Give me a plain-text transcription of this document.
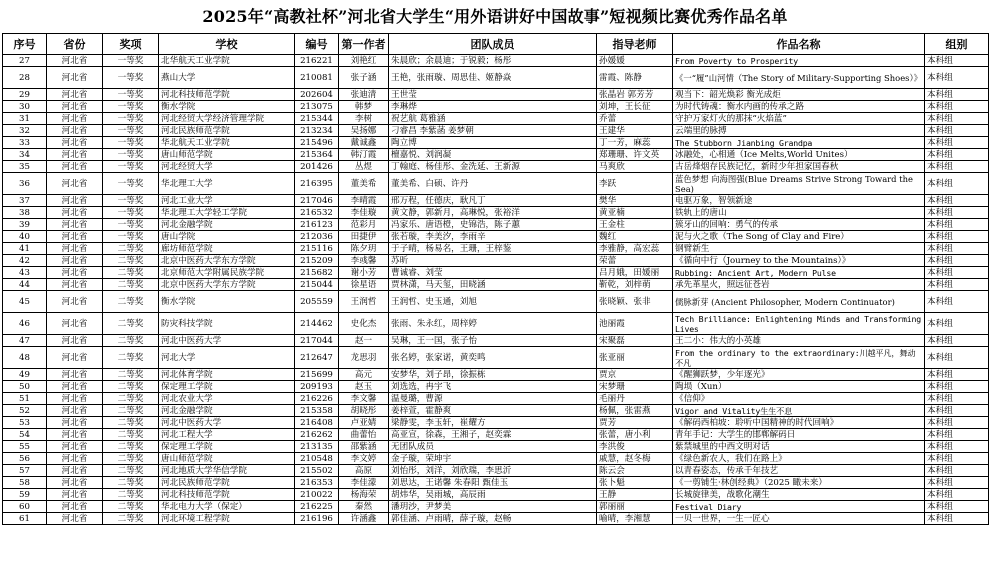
2025年“高教社杯”河北省大学生“用外语讲好中国故事”短视频比赛优秀作品名单
序号	省份	奖项	学校	编号	第一作者	团队成员	指导老师	作品名称	组别
27	河北省	一等奖	北华航天工业学院	216221	刘艳红	朱晨欣；余晨迪；于锐毅；杨彤	孙媛媛	From Poverty to Prosperity	本科组
28	河北省	一等奖	燕山大学	210081	张子涵	王艳，张雨璇、周思佳、姬静焱	雷霞、陈静	《一“履”山河情（The Story of Military-Supporting Shoes）》	本科组
29	河北省	一等奖	河北科技师范学院	202604	张迪清	王世莹	张晶岩 郭芳芳	观当下：韶光焕彩 衡光成炬	本科组
30	河北省	一等奖	衡水学院	213075	韩梦	李琳烨	刘坤，王长征	为时代铸魂：衡水内画的传承之路	本科组
31	河北省	一等奖	河北经贸大学经济管理学院	215344	李树	祝艺航 葛雅涵	乔蕾	守护万家灯火的那抹“火焰蓝”	本科组
32	河北省	一等奖	河北民族师范学院	213234	吴扬娜	刁睿昌 李紫菡 姜梦朝	王建华	云端里的脉搏	本科组
33	河北省	一等奖	华北航天工业学院	215496	戴诚鑫	陶立博	丁一芳，麻蕊	The Stubborn Jianbing Grandpa	本科组
34	河北省	一等奖	唐山师范学院	215364	韩汀霞	檀嘉悦、刘润凝	郑珊珊、许文英	冰融处，心相通（Ice Melts,World Unites）	本科组
35	河北省	一等奖	河北经贸大学	201426	丛煜	丁翰庭、杨佳彤、金洗延、王新源	马爽欣	古岳烽烟存民族记忆，新时少年担家国春秋	本科组
36	河北省	一等奖	华北理工大学	216395	董美希	董美希、白硕、许丹	李跃	蓝色梦想 向海图强(Blue Dreams Strive Strong Toward the Sea)	本科组
37	河北省	一等奖	河北工业大学	217046	李晴霞	邢万程，任德庆，耿凡丁	樊华	电驱万象，智领新途	本科组
38	河北省	一等奖	华北理工大学轻工学院	216532	李佳璇	黄文静，郭新月，高琳悦，张裕洋	黄亚楠	铁轨上的唐山	本科组
39	河北省	一等奖	河北金融学院	216123	范彩月	冯家乐、唐语橙，史锦浩，陈子蕙	王金柱	簇牙山的回响：勇气的传承	本科组
40	河北省	一等奖	唐山学院	212036	田捷伊	张若璇，李美汐，李雨辛	魏红	泥与火之歌（The Song of Clay and Fire）	本科组
41	河北省	二等奖	廊坊师范学院	215116	陈夕玥	于子晴，杨易名，王珊，王梓鉴	李雅静，高宏蕊	钢臂新生	本科组
42	河北省	二等奖	北京中医药大学东方学院	215209	李彧馨	苏昕	荣蕾	《循向中行（Journey to the Mountains）》	本科组
43	河北省	二等奖	北京师范大学附属民族学院	215682	谢小芳	曹诚睿、刘莹	吕月娥，田媛丽	Rubbing: Ancient Art, Modern Pulse	本科组
44	河北省	二等奖	北京中医药大学东方学院	215044	徐星语	贾林潇，马天玺，田晓涵	靳乾，刘梓萌	承先革星火，照远征苍岩	本科组
45	河北省	二等奖	衡水学院	205559	王润哲	王润哲、史玉通，刘旭	张晓颖、张非	儒脉新芽 (Ancient Philosopher, Modern Continuator)	本科组
46	河北省	二等奖	防灾科技学院	214462	史化杰	张雨、朱永红，周梓婷	池丽霞	Tech Brilliance: Enlightening Minds and Transforming Lives	本科组
47	河北省	二等奖	河北中医药大学	217044	赵一	吴琳，王一国，张子怡	宋聚磊	王二小：伟大的小英雄	本科组
48	河北省	二等奖	河北大学	212647	龙思羽	张名婷，张家诺，黄奕鸣	张亚丽	From the ordinary to the extraordinary:川越平凡，舞动不凡	本科组
49	河北省	二等奖	河北体育学院	215699	高元	安梦华，刘子昂，徐振栋	贾京	《醒狮跃梦，少年逐光》	本科组
50	河北省	二等奖	保定理工学院	209193	赵玉	刘选选，冉宇飞	宋梦珊	陶埙（Xun）	本科组
51	河北省	二等奖	河北农业大学	216226	李文馨	温曼璐，曹源	毛丽丹	《信仰》	本科组
52	河北省	二等奖	河北金融学院	215358	胡晓彤	姜梓萱，霍静爽	杨佩，张雷燕	Vigor and Vitality生生不息	本科组
53	河北省	二等奖	河北中医药大学	216408	卢亚婧	梁静雯，李玉轩，崔耀方	贾芳	《解码西柏坡：聆听中国精神的时代回响》	本科组
54	河北省	二等奖	河北工程大学	216262	曲蕾怡	高亚宣，徐森，王湘子，赵奕霖	张蕾，唐小利	青年手记：大学生的邯郸解码日	本科组
55	河北省	二等奖	保定理工学院	213135	邵紫涵	无团队成员	李洪俊	紫禁城里的中西文明对话	本科组
56	河北省	二等奖	唐山师范学院	210548	李文婷	金子璇，荣坤宇	戚慧，赵冬梅	《绿色新农人，我们在路上》	本科组
57	河北省	二等奖	河北地质大学华信学院	215502	高原	刘怡彤，刘洋，刘欣瑞，李思沂	陈云会	以青春姿态，传承千年技艺	本科组
58	河北省	二等奖	河北民族师范学院	216353	李佳濛	刘思达，王诺馨 朱春阳 甄佳玉	张卜魁	《一剪铺生·林创经典》（2025 瞰未来）	本科组
59	河北省	二等奖	河北科技师范学院	210022	杨海荣	胡炜华，吴雨城，高辰雨	王静	长城旋律美，战歌化潮生	本科组
60	河北省	二等奖	华北电力大学（保定）	216225	秦然	潘玥沙，尹梦美	郭丽丽	Festival Diary	本科组
61	河北省	二等奖	河北环境工程学院	216196	许涵鑫	郭佳涵、卢雨晴，薛子璇，赵畅	喻晴，李湘慧	一贝一世界，一生一匠心	本科组
